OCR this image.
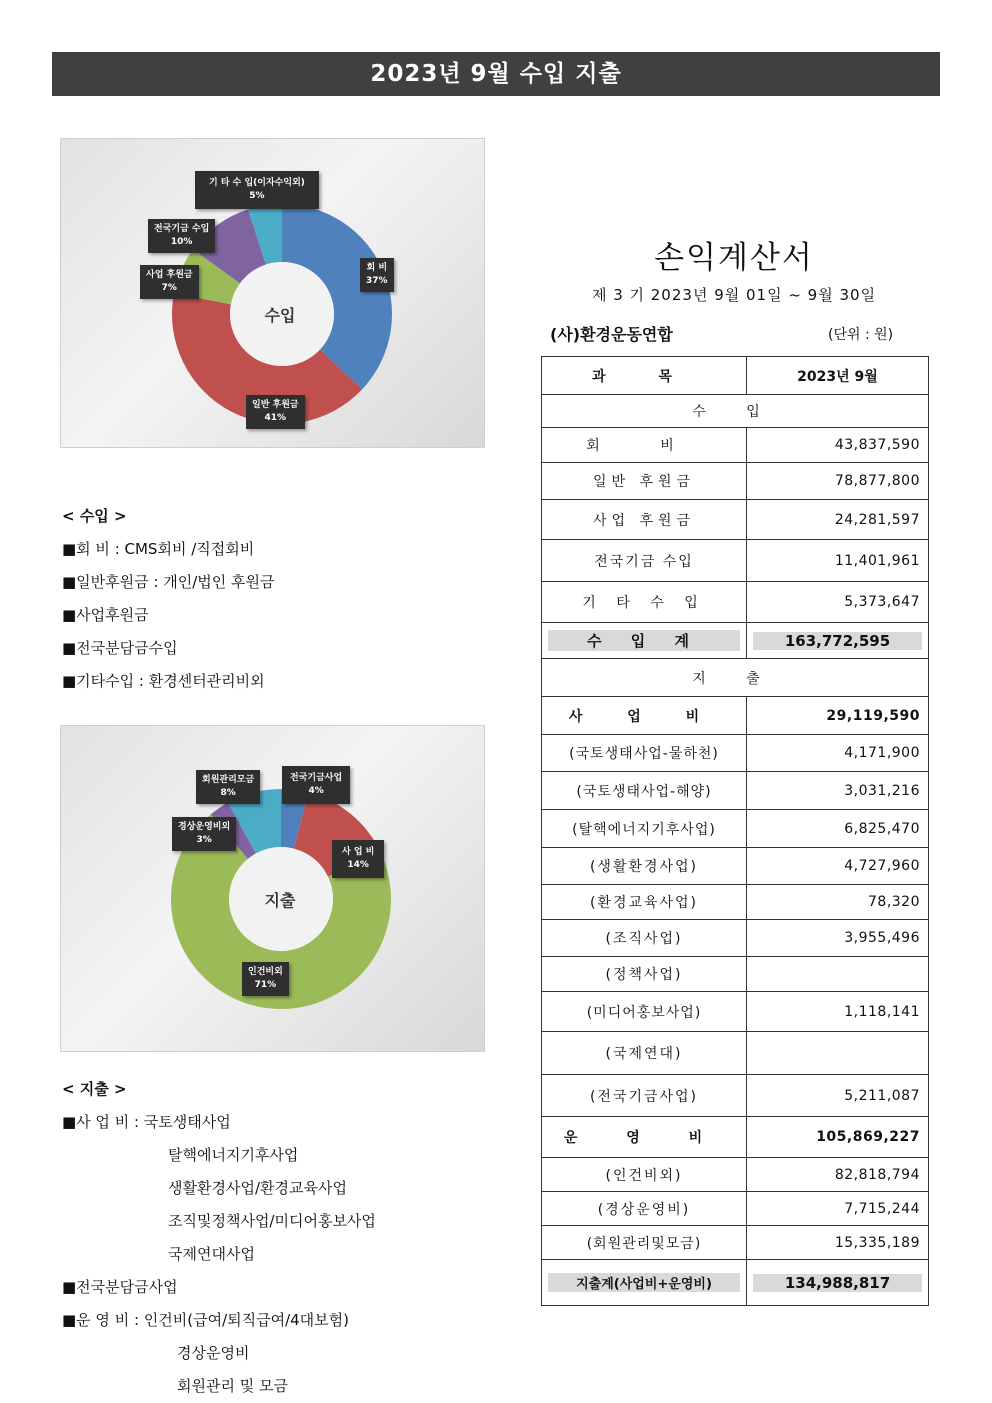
2023년 9월 수입 지출
수입
회 비
37%
일반 후원금
41%
사업 후원금
7%
전국기금 수입
10%
기 타 수 입(이자수익외)
5%
< 수입 >
■회 비 : CMS회비 /직접회비
■일반후원금 : 개인/법인 후원금
■사업후원금
■전국분담금수입
■기타수입 : 환경센터관리비외
지출
전국기금사업
4%
사 업 비
14%
인건비외
71%
경상운영비외
3%
회원관리모금
8%
< 지출 >
■사 업 비 : 국토생태사업
탈핵에너지기후사업
생활환경사업/환경교육사업
조직및정책사업/미디어홍보사업
국제연대사업
■전국분담금사업
■운 영 비 : 인건비(급여/퇴직급여/4대보험)
경상운영비
회원관리 및 모금
손익계산서
제 3 기 2023년 9월 01일 ~ 9월 30일
(사)환경운동연합	(단위 : 원)
과 목	2023년 9월
수 입	
회 비	43,837,590
일반 후원금	78,877,800
사업 후원금	24,281,597
전국기금 수입	11,401,961
기 타 수 입	5,373,647
수 입 계	163,772,595
지 출	
사 업 비	29,119,590
(국토생태사업-물하천)	4,171,900
(국토생태사업-해양)	3,031,216
(탈핵에너지기후사업)	6,825,470
(생활환경사업)	4,727,960
(환경교육사업)	78,320
(조직사업)	3,955,496
(정책사업)	
(미디어홍보사업)	1,118,141
(국제연대)	
(전국기금사업)	5,211,087
운 영 비	105,869,227
(인건비외)	82,818,794
(경상운영비)	7,715,244
(회원관리및모금)	15,335,189
지출계(사업비+운영비)	134,988,817
